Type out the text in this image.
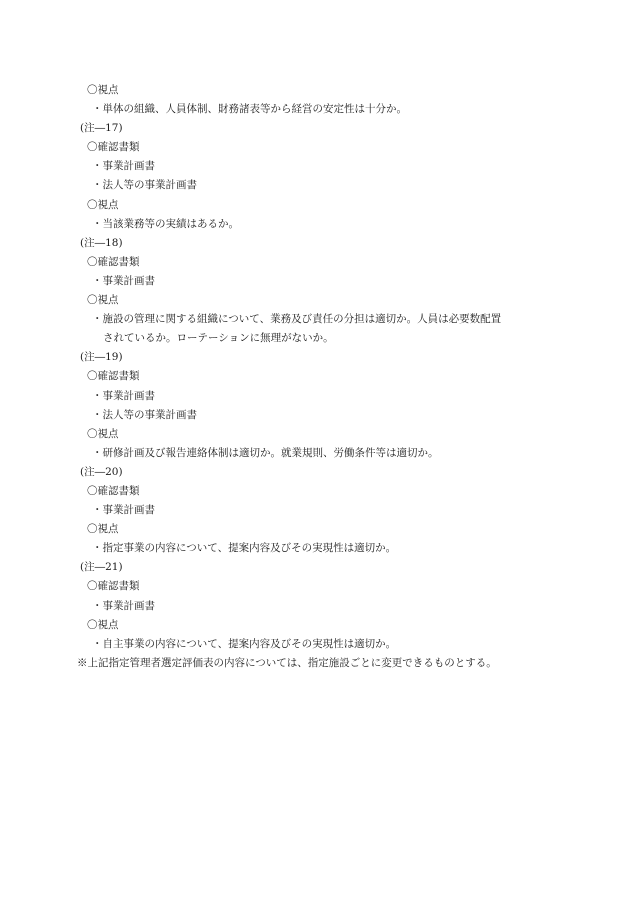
〇視点
・単体の組織、人員体制、財務諸表等から経営の安定性は十分か。
(注―17)
〇確認書類
・事業計画書
・法人等の事業計画書
〇視点
・当該業務等の実績はあるか。
(注―18)
〇確認書類
・事業計画書
〇視点
・施設の管理に関する組織について、業務及び責任の分担は適切か。人員は必要数配置
されているか。ローテーションに無理がないか。
(注―19)
〇確認書類
・事業計画書
・法人等の事業計画書
〇視点
・研修計画及び報告連絡体制は適切か。就業規則、労働条件等は適切か。
(注―20)
〇確認書類
・事業計画書
〇視点
・指定事業の内容について、提案内容及びその実現性は適切か。
(注―21)
〇確認書類
・事業計画書
〇視点
・自主事業の内容について、提案内容及びその実現性は適切か。
※上記指定管理者選定評価表の内容については、指定施設ごとに変更できるものとする。
